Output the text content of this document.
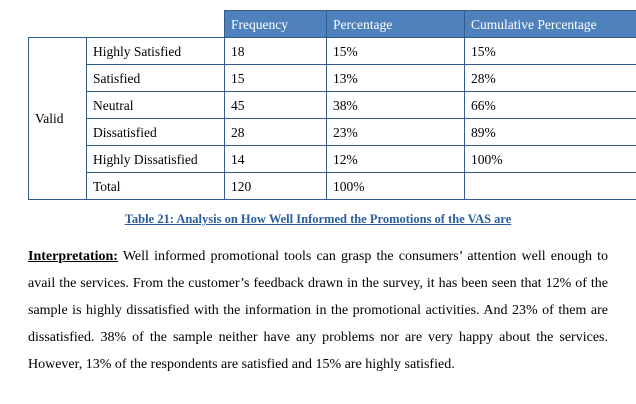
		Frequency	Percentage	Cumulative Percentage
Valid	Highly Satisfied	18	15%	15%
	Satisfied	15	13%	28%
	Neutral	45	38%	66%
	Dissatisfied	28	23%	89%
	Highly Dissatisfied	14	12%	100%
	Total	120	100%	
Table 21: Analysis on How Well Informed the Promotions of the VAS are

Interpretation: Well informed promotional tools can grasp the consumers’ attention well enough to avail the services. From the customer’s feedback drawn in the survey, it has been seen that 12% of the sample is highly dissatisfied with the information in the promotional activities. And 23% of them are dissatisfied. 38% of the sample neither have any problems nor are very happy about the services. However, 13% of the respondents are satisfied and 15% are highly satisfied.
